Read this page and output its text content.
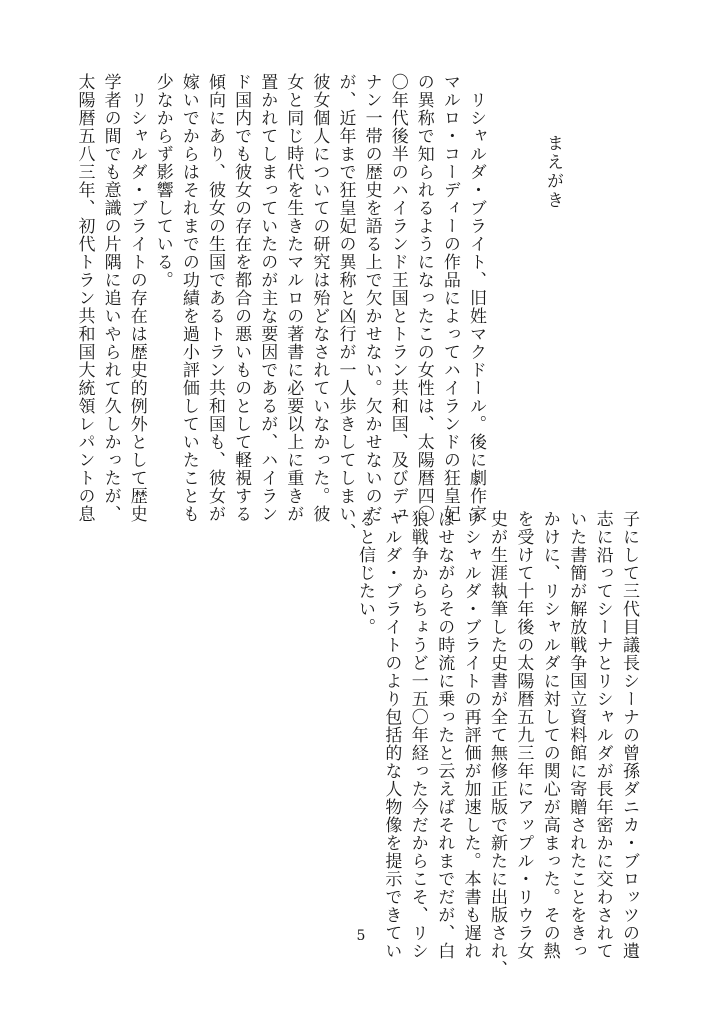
まえがき
リシャルダ・ブライト、旧姓マクドール。後に劇作家
マルロ・コーディーの作品によってハイランドの狂皇妃
の異称で知られるようになったこの女性は、太陽暦四〇
〇年代後半のハイランド王国とトラン共和国、及びデュ
ナン一帯の歴史を語る上で欠かせない。欠かせないのだ
が、近年まで狂皇妃の異称と凶行が一人歩きしてしまい、
彼女個人についての研究は殆どなされていなかった。彼
女と同じ時代を生きたマルロの著書に必要以上に重きが
置かれてしまっていたのが主な要因であるが、ハイラン
ド国内でも彼女の存在を都合の悪いものとして軽視する
傾向にあり、彼女の生国であるトラン共和国も、彼女が
嫁いでからはそれまでの功績を過小評価していたことも
少なからず影響している。
リシャルダ・ブライトの存在は歴史的例外として歴史
学者の間でも意識の片隅に追いやられて久しかったが、
太陽暦五八三年、初代トラン共和国大統領レパントの息
子にして三代目議長シーナの曾孫ダニカ・ブロッツの遺
志に沿ってシーナとリシャルダが長年密かに交わされて
いた書簡が解放戦争国立資料館に寄贈されたことをきっ
かけに、リシャルダに対しての関心が高まった。その熱
を受けて十年後の太陽暦五九三年にアップル・リウラ女
史が生涯執筆した史書が全て無修正版で新たに出版され、
リシャルダ・ブライトの再評価が加速した。本書も遅れ
ばせながらその時流に乗ったと云えばそれまでだが、白
狼戦争からちょうど一五〇年経った今だからこそ、リシ
ャルダ・ブライトのより包括的な人物像を提示できてい
ると信じたい。
5
